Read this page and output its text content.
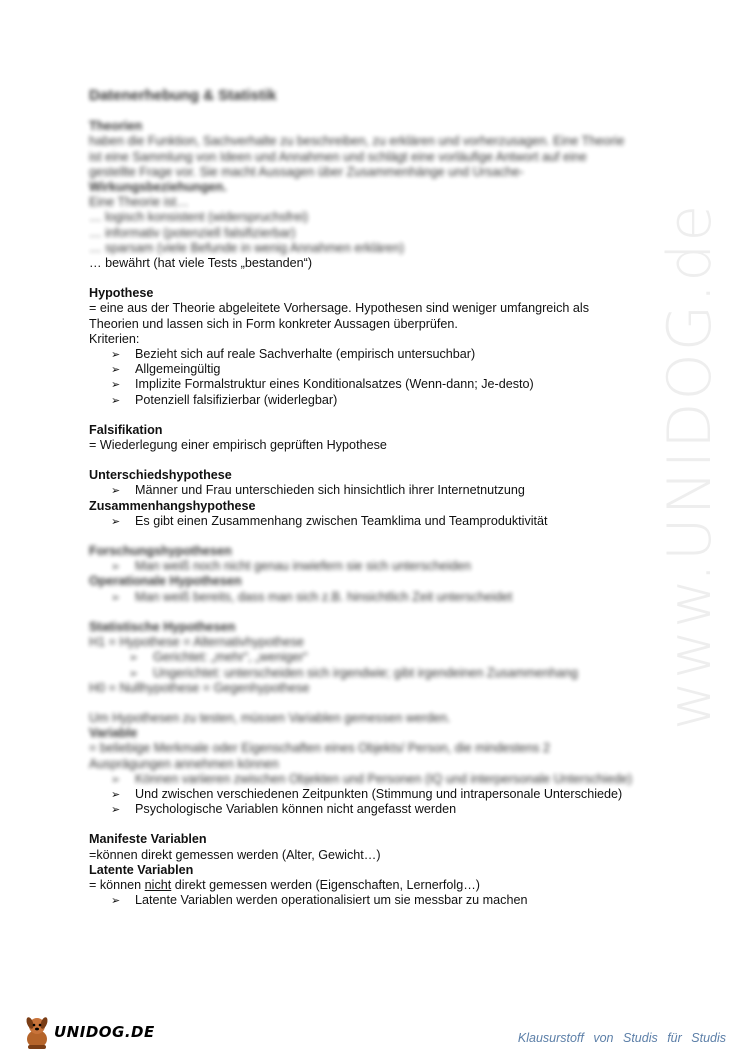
www.UNIDOG.de
Datenerhebung & Statistik
Theorien
haben die Funktion, Sachverhalte zu beschreiben, zu erklären und vorherzusagen. Eine Theorie
ist eine Sammlung von Ideen und Annahmen und schlägt eine vorläufige Antwort auf eine
gestellte Frage vor. Sie macht Aussagen über Zusammenhänge und Ursache-
Wirkungsbeziehungen.
Eine Theorie ist…
… logisch konsistent (widerspruchsfrei)
… informativ (potenziell falsifizierbar)
… sparsam (viele Befunde in wenig Annahmen erklären)
… bewährt (hat viele Tests „bestanden“)
Hypothese
= eine aus der Theorie abgeleitete Vorhersage. Hypothesen sind weniger umfangreich als
Theorien und lassen sich in Form konkreter Aussagen überprüfen.
Kriterien:
➢ Bezieht sich auf reale Sachverhalte (empirisch untersuchbar)
➢ Allgemeingültig
➢ Implizite Formalstruktur eines Konditionalsatzes (Wenn-dann; Je-desto)
➢ Potenziell falsifizierbar (widerlegbar)
Falsifikation
= Wiederlegung einer empirisch geprüften Hypothese
Unterschiedshypothese
➢ Männer und Frau unterschieden sich hinsichtlich ihrer Internetnutzung
Zusammenhangshypothese
➢ Es gibt einen Zusammenhang zwischen Teamklima und Teamproduktivität
Forschungshypothesen
➢ Man weiß noch nicht genau inwiefern sie sich unterscheiden
Operationale Hypothesen
➢ Man weiß bereits, dass man sich z.B. hinsichtlich Zeit unterscheidet
Statistische Hypothesen
H1 = Hypothese = Alternativhypothese
➢ Gerichtet: „mehr“, „weniger“
➢ Ungerichtet: unterscheiden sich irgendwie; gibt irgendeinen Zusammenhang
H0 = Nullhypothese = Gegenhypothese
Um Hypothesen zu testen, müssen Variablen gemessen werden.
Variable
= beliebige Merkmale oder Eigenschaften eines Objekts/ Person, die mindestens 2
Ausprägungen annehmen können
➢ Können variieren zwischen Objekten und Personen (IQ und interpersonale Unterschiede)
➢ Und zwischen verschiedenen Zeitpunkten (Stimmung und intrapersonale Unterschiede)
➢ Psychologische Variablen können nicht angefasst werden
Manifeste Variablen
=können direkt gemessen werden (Alter, Gewicht…)
Latente Variablen
= können nicht direkt gemessen werden (Eigenschaften, Lernerfolg…)
➢ Latente Variablen werden operationalisiert um sie messbar zu machen
UNIDOG.DE	Klausurstoff von Studis für Studis
